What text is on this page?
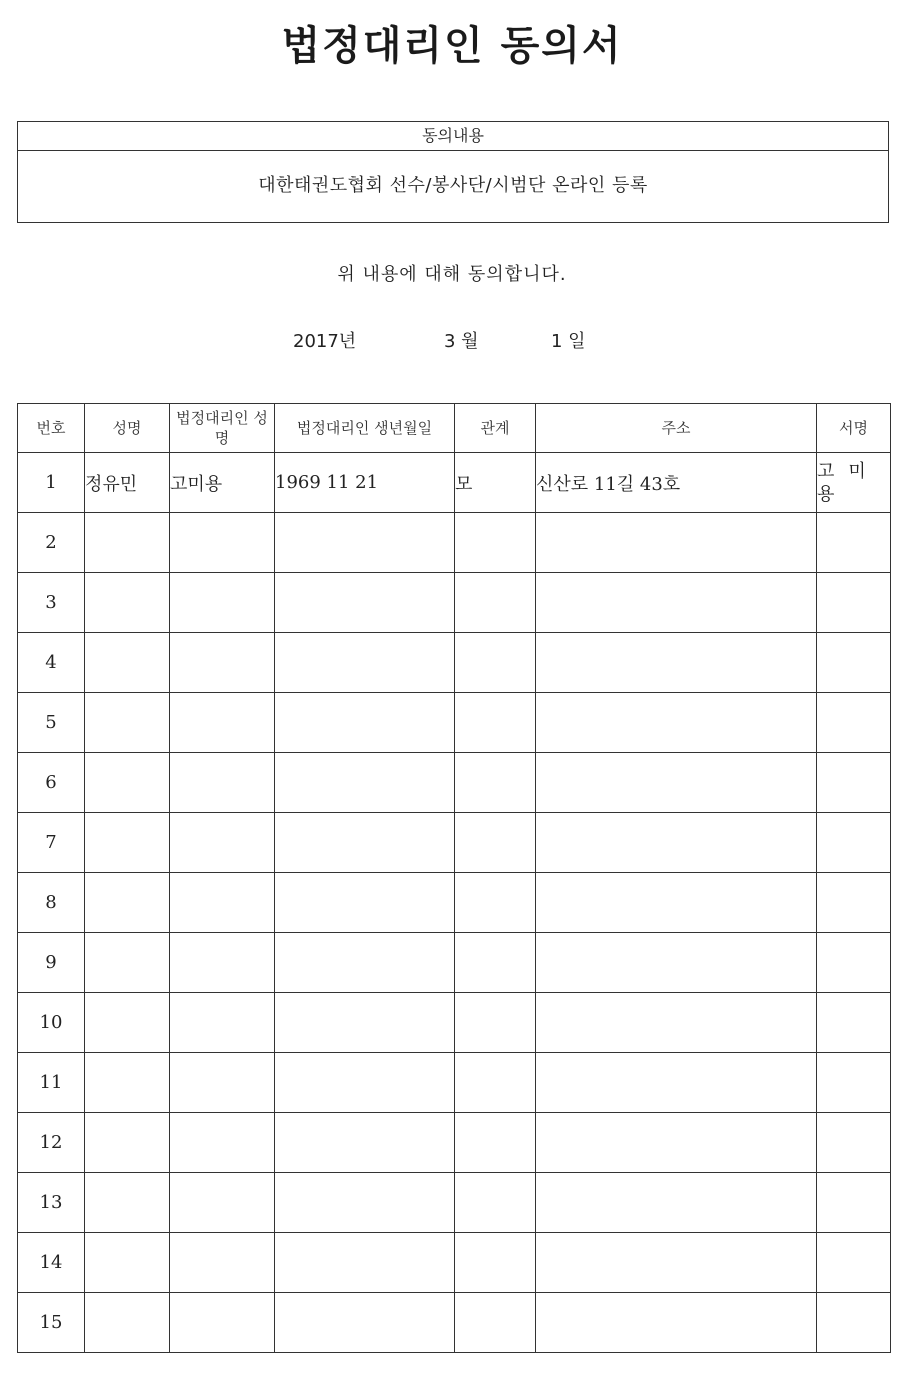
법정대리인 동의서
동의내용
대한태권도협회 선수/봉사단/시범단 온라인 등록
위 내용에 대해 동의합니다.
2017년	3 월	1 일
번호	성명	법정대리인 성명	법정대리인 생년월일	관계	주소	서명
1	정유민	고미용	1969 11 21	모	신산로 11길 43호	고미용
2						
3						
4						
5						
6						
7						
8						
9						
10						
11						
12						
13						
14						
15						
